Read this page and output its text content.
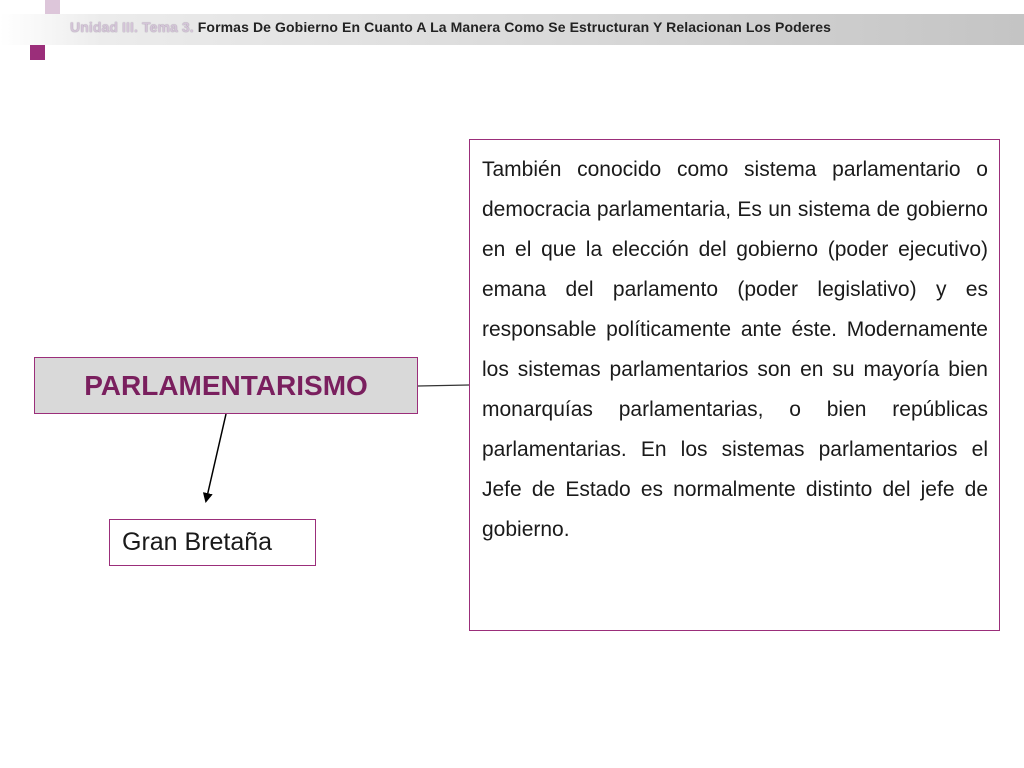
Unidad III. Tema 3. Formas De Gobierno En Cuanto A La Manera Como Se Estructuran Y Relacionan Los Poderes
PARLAMENTARISMO
Gran Bretaña

También conocido como sistema parlamentario o democracia parlamentaria, Es un sistema de gobierno en el que la elección del gobierno (poder ejecutivo) emana del parlamento (poder legislativo) y es responsable políticamente ante éste. Modernamente los sistemas parlamentarios son en su mayoría bien monarquías parlamentarias, o bien repúblicas parlamentarias. En los sistemas parlamentarios el Jefe de Estado es normalmente distinto del jefe de gobierno.
